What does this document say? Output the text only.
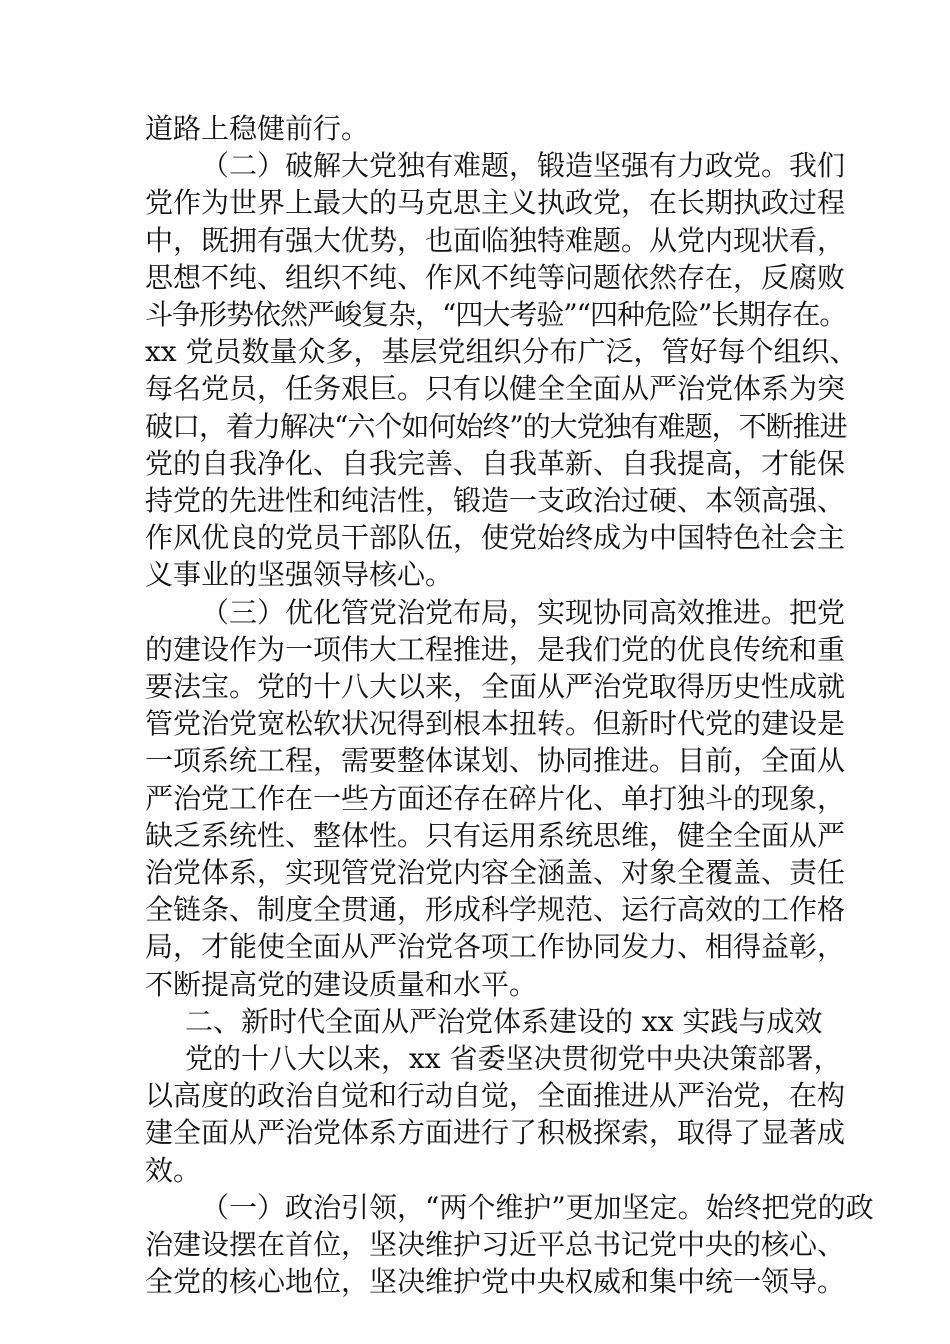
道路上稳健前行。

（二）破解大党独有难题，锻造坚强有力政党。我们
党作为世界上最大的马克思主义执政党，在长期执政过程
中，既拥有强大优势，也面临独特难题。从党内现状看，
思想不纯、组织不纯、作风不纯等问题依然存在，反腐败
斗争形势依然严峻复杂，“四大考验”“四种危险”长期存在。
xx 党员数量众多，基层党组织分布广泛，管好每个组织、
每名党员，任务艰巨。只有以健全全面从严治党体系为突
破口，着力解决“六个如何始终”的大党独有难题，不断推进
党的自我净化、自我完善、自我革新、自我提高，才能保
持党的先进性和纯洁性，锻造一支政治过硬、本领高强、
作风优良的党员干部队伍，使党始终成为中国特色社会主
义事业的坚强领导核心。

（三）优化管党治党布局，实现协同高效推进。把党
的建设作为一项伟大工程推进，是我们党的优良传统和重
要法宝。党的十八大以来，全面从严治党取得历史性成就
管党治党宽松软状况得到根本扭转。但新时代党的建设是
一项系统工程，需要整体谋划、协同推进。目前，全面从
严治党工作在一些方面还存在碎片化、单打独斗的现象，
缺乏系统性、整体性。只有运用系统思维，健全全面从严
治党体系，实现管党治党内容全涵盖、对象全覆盖、责任
全链条、制度全贯通，形成科学规范、运行高效的工作格
局，才能使全面从严治党各项工作协同发力、相得益彰，
不断提高党的建设质量和水平。

二、新时代全面从严治党体系建设的 xx 实践与成效

党的十八大以来，xx 省委坚决贯彻党中央决策部署，
以高度的政治自觉和行动自觉，全面推进从严治党，在构
建全面从严治党体系方面进行了积极探索，取得了显著成
效。

（一）政治引领，“两个维护”更加坚定。始终把党的政
治建设摆在首位，坚决维护习近平总书记党中央的核心、
全党的核心地位，坚决维护党中央权威和集中统一领导。
